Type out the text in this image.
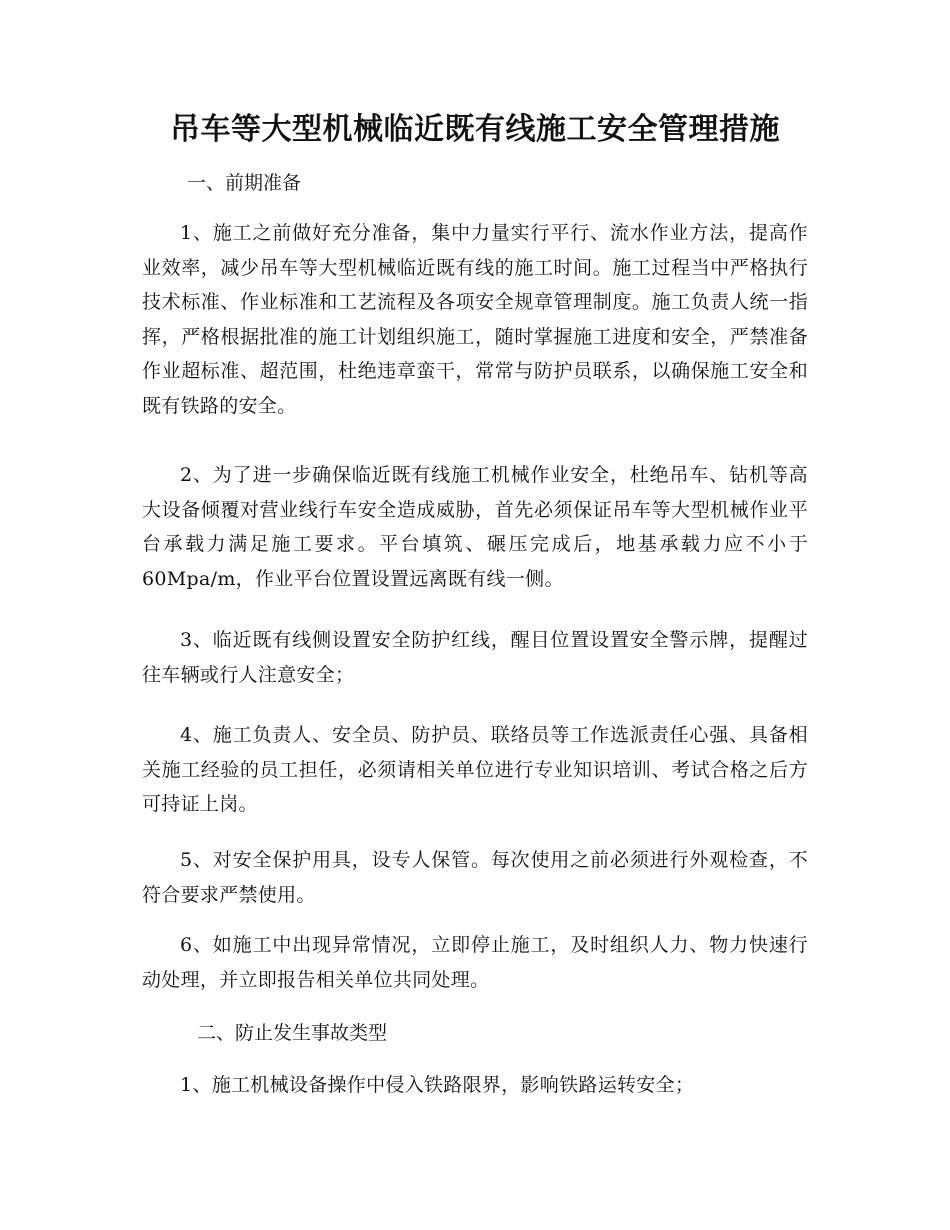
吊车等大型机械临近既有线施工安全管理措施
一、前期准备

1、施工之前做好充分准备，集中力量实行平行、流水作业方法，提高作业效率，减少吊车等大型机械临近既有线的施工时间。施工过程当中严格执行技术标准、作业标准和工艺流程及各项安全规章管理制度。施工负责人统一指挥，严格根据批准的施工计划组织施工，随时掌握施工进度和安全，严禁准备作业超标准、超范围，杜绝违章蛮干，常常与防护员联系，以确保施工安全和既有铁路的安全。

2、为了进一步确保临近既有线施工机械作业安全，杜绝吊车、钻机等高大设备倾覆对营业线行车安全造成威胁，首先必须保证吊车等大型机械作业平台承载力满足施工要求。平台填筑、碾压完成后，地基承载力应不小于60Mpa/m，作业平台位置设置远离既有线一侧。

3、临近既有线侧设置安全防护红线，醒目位置设置安全警示牌，提醒过往车辆或行人注意安全；

4、施工负责人、安全员、防护员、联络员等工作选派责任心强、具备相关施工经验的员工担任，必须请相关单位进行专业知识培训、考试合格之后方可持证上岗。

5、对安全保护用具，设专人保管。每次使用之前必须进行外观检查，不符合要求严禁使用。

6、如施工中出现异常情况，立即停止施工，及时组织人力、物力快速行动处理，并立即报告相关单位共同处理。

二、防止发生事故类型

1、施工机械设备操作中侵入铁路限界，影响铁路运转安全；
